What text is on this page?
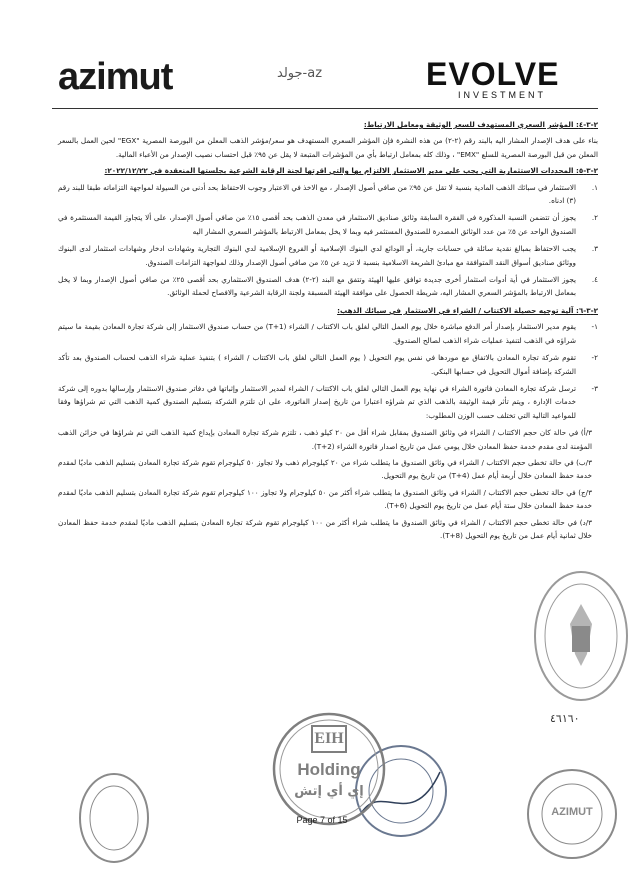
azimut	az-جولد	EVOLVE
INVESTMENT
AZIMUT
EIH
Holding
إي أي إتش
٤٦١٦٠

٢-٣-٤: المؤشر السعري المستهدف للسعر الوثيقة ومعامل الارتباط:

بناء على هدف الإصدار المشار اليه بالبند رقم (٢-٢) من هذه النشرة فإن المؤشر السعري المستهدف هو سعر/مؤشر الذهب المعلن من البورصة المصرية "EGX" لحين العمل بالسعر المعلن من قبل البورصة المصرية للسلع "EMX" ، وذلك كله بمعامل ارتباط بأي من المؤشرات المتبعة لا يقل عن ٩٥٪ قبل احتساب نصيب الإصدار من الأعباء المالية.

٢-٣-٥: المحددات الاستثمارية التي يجب على مدير الاستثمار الالتزام بها والتي اقرتها لجنة الرقابة الشرعية بجلستها المنعقدة في ٢٠٢٢/١٢/٢٢:

١.
الاستثمار في سبائك الذهب المادية بنسبة لا تقل عن ٩٥٪ من صافي أصول الإصدار ، مع الاخذ في الاعتبار وجوب الاحتفاظ بحد أدنى من السيولة لمواجهة التزاماته طبقا للبند رقم (٣) ادناه.
٢.
يجوز أن تتضمن النسبة المذكورة في الفقرة السابقة وثائق صناديق الاستثمار في معدن الذهب بحد أقصى ١٥٪ من صافي أصول الإصدار، على ألا يتجاوز القيمة المستثمرة في الصندوق الواحد عن ٥٪ من عدد الوثائق المصدرة للصندوق المستثمر فيه وبما لا يخل بمعامل الارتباط بالمؤشر السعري المشار اليه
٣.
يجب الاحتفاظ بمبالغ نقدية سائلة في حسابات جارية، أو الودائع لدي البنوك الإسلامية أو الفروع الإسلامية لدي البنوك التجارية وشهادات ادخار وشهادات استثمار لدى البنوك ووثائق صناديق أسواق النقد المتوافقة مع مبادئ الشريعة الاسلامية بنسبة لا تزيد عن ٥٪ من صافي أصول الإصدار وذلك لمواجهة التزامات الصندوق.
٤.
يجوز الاستثمار في أية أدوات استثمار أخرى جديدة توافق عليها الهيئة وتتفق مع البند (٢-٢) هدف الصندوق الاستثماري بحد أقصى ٢٥٪ من صافي أصول الإصدار وبما لا يخل بمعامل الارتباط بالمؤشر السعري المشار اليه، شريطة الحصول على موافقة الهيئة المسبقة ولجنة الرقابة الشرعية والافصاح لحملة الوثائق.

٢-٣-٦: آلية توجيه حصيلة الاكتتاب / الشراء في الاستثمار في سبائك الذهب:

١-
يقوم مدير الاستثمار بإصدار أمر الدفع مباشرة خلال يوم العمل التالي لغلق باب الاكتتاب / الشراء (T+1) من حساب صندوق الاستثمار إلى شركة تجارة المعادن بقيمة ما سيتم شراؤه في الذهب لتنفيذ عمليات شراء الذهب لصالح الصندوق.
٢-
تقوم شركة تجارة المعادن بالاتفاق مع موردها في نفس يوم التحويل ( يوم العمل التالي لغلق باب الاكتتاب / الشراء ) بتنفيذ عملية شراء الذهب لحساب الصندوق بعد تأكد الشركة بإضافة أموال التحويل في حسابها البنكي.
٣-
ترسل شركة تجارة المعادن فاتورة الشراء في نهاية يوم العمل التالي لغلق باب الاكتتاب / الشراء لمدير الاستثمار وإثباتها في دفاتر صندوق الاستثمار وإرسالها بدوره إلى شركة خدمات الإدارة ، ويتم تأثر قيمة الوثيقة بالذهب الذي تم شراؤه اعتبارا من تاريخ إصدار الفاتورة، على ان تلتزم الشركة بتسليم الصندوق كمية الذهب التي تم شراؤها وفقا للمواعيد التالية التي تختلف حسب الوزن المطلوب:

٣/أ) في حالة كان حجم الاكتتاب / الشراء في وثائق الصندوق بمقابل شراء أقل من ٢٠ كيلو ذهب ، تلتزم شركة تجارة المعادن بإيداع كمية الذهب التي تم شراؤها في خزائن الذهب المؤمنة لدى مقدم خدمة حفظ المعادن خلال يومي عمل من تاريخ اصدار فاتورة الشراء (T+2).

٣/ب) في حالة تخطى حجم الاكتتاب / الشراء في وثائق الصندوق ما يتطلب شراء من ٢٠ كيلوجرام ذهب ولا تجاوز ٥٠ كيلوجرام تقوم شركة تجارة المعادن بتسليم الذهب ماديًا لمقدم خدمة حفظ المعادن خلال أربعة أيام عمل (T+4) من تاريخ يوم التحويل.

٣/ج) في حالة تخطى حجم الاكتتاب / الشراء في وثائق الصندوق ما يتطلب شراء أكثر من ٥٠ كيلوجرام ولا تجاوز ١٠٠ كيلوجرام تقوم شركة تجارة المعادن بتسليم الذهب ماديًا لمقدم خدمة حفظ المعادن خلال ستة أيام عمل من تاريخ يوم التحويل (T+6).

٣/د) في حالة تخطى حجم الاكتتاب / الشراء في وثائق الصندوق ما يتطلب شراء أكثر من ١٠٠ كيلوجرام تقوم شركة تجارة المعادن بتسليم الذهب ماديًا لمقدم خدمة حفظ المعادن خلال ثمانية أيام عمل من تاريخ يوم التحويل (T+8).

Page 7 of 15
